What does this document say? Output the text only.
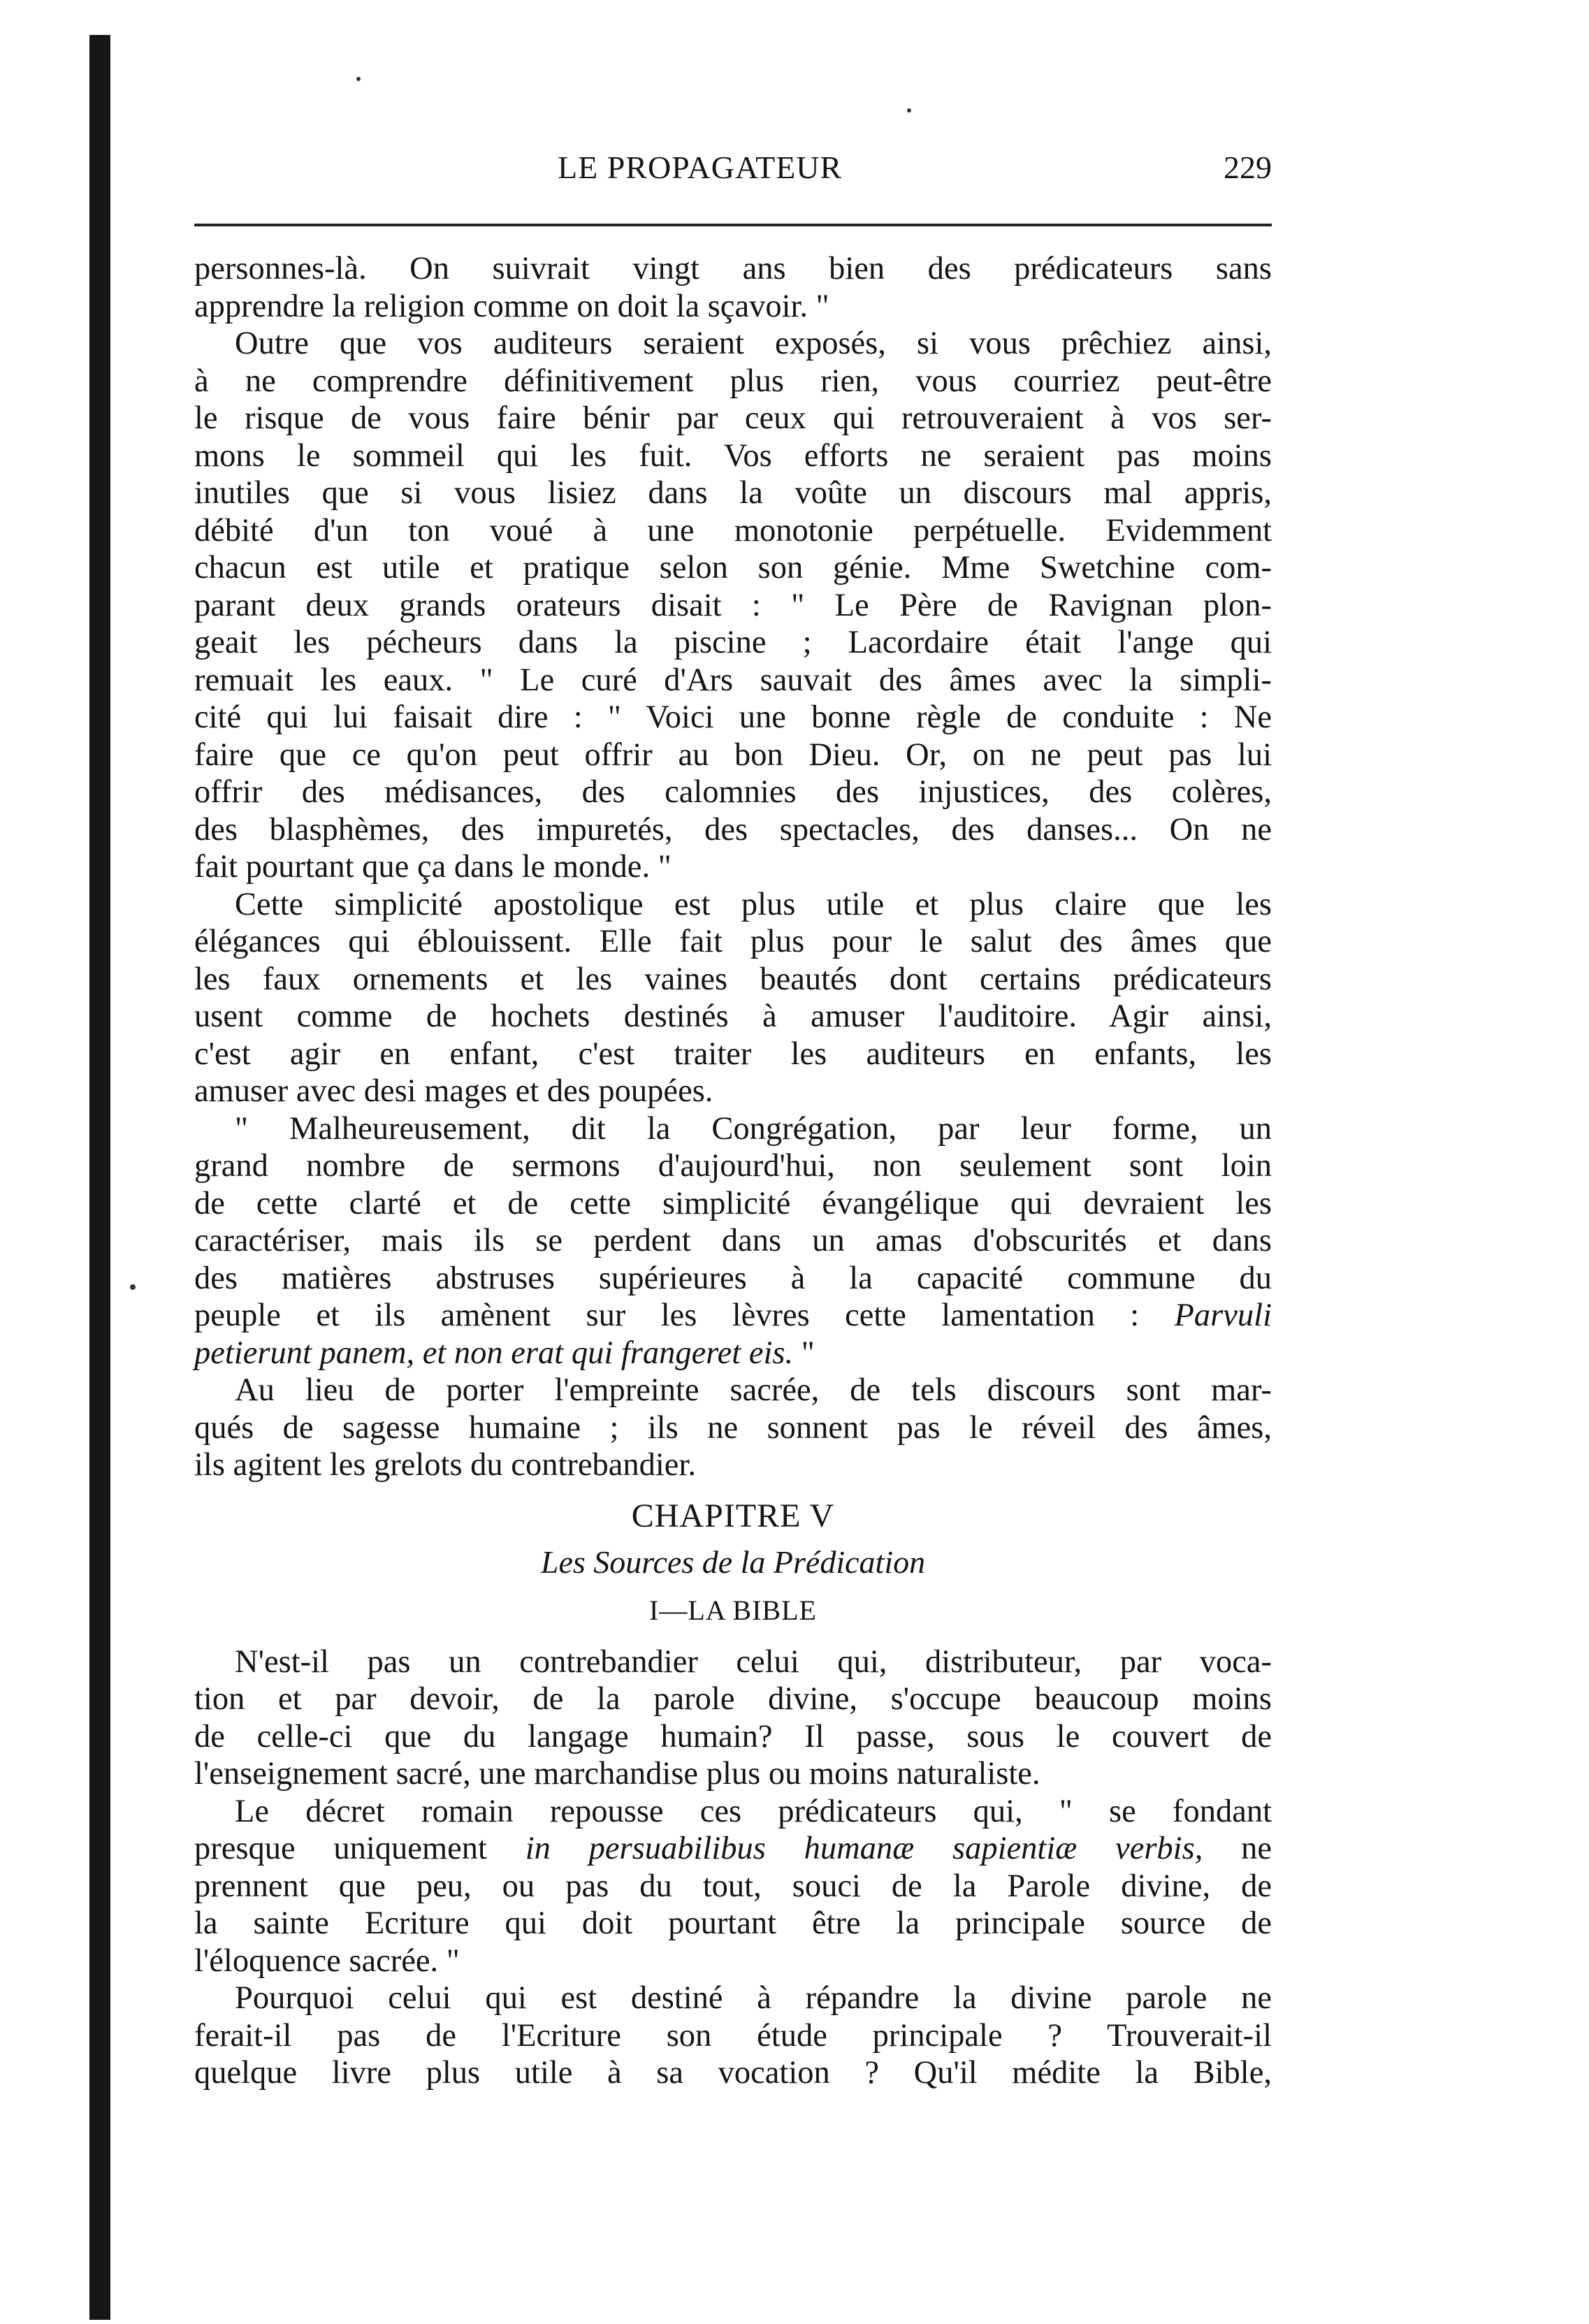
LE PROPAGATEUR	229

personnes-là. On suivrait vingt ans bien des prédicateurs sans

apprendre la religion comme on doit la sçavoir. "

Outre que vos auditeurs seraient exposés, si vous prêchiez ainsi,

à ne comprendre définitivement plus rien, vous courriez peut-être

le risque de vous faire bénir par ceux qui retrouveraient à vos ser-

mons le sommeil qui les fuit. Vos efforts ne seraient pas moins

inutiles que si vous lisiez dans la voûte un discours mal appris,

débité d'un ton voué à une monotonie perpétuelle. Evidemment

chacun est utile et pratique selon son génie. Mme Swetchine com-

parant deux grands orateurs disait : " Le Père de Ravignan plon-

geait les pécheurs dans la piscine ; Lacordaire était l'ange qui

remuait les eaux. " Le curé d'Ars sauvait des âmes avec la simpli-

cité qui lui faisait dire : " Voici une bonne règle de conduite : Ne

faire que ce qu'on peut offrir au bon Dieu. Or, on ne peut pas lui

offrir des médisances, des calomnies des injustices, des colères,

des blasphèmes, des impuretés, des spectacles, des danses... On ne

fait pourtant que ça dans le monde. "

Cette simplicité apostolique est plus utile et plus claire que les

élégances qui éblouissent. Elle fait plus pour le salut des âmes que

les faux ornements et les vaines beautés dont certains prédicateurs

usent comme de hochets destinés à amuser l'auditoire. Agir ainsi,

c'est agir en enfant, c'est traiter les auditeurs en enfants, les

amuser avec desi mages et des poupées.

" Malheureusement, dit la Congrégation, par leur forme, un

grand nombre de sermons d'aujourd'hui, non seulement sont loin

de cette clarté et de cette simplicité évangélique qui devraient les

caractériser, mais ils se perdent dans un amas d'obscurités et dans

des matières abstruses supérieures à la capacité commune du

peuple et ils amènent sur les lèvres cette lamentation : Parvuli

petierunt panem, et non erat qui frangeret eis. "

Au lieu de porter l'empreinte sacrée, de tels discours sont mar-

qués de sagesse humaine ; ils ne sonnent pas le réveil des âmes,

ils agitent les grelots du contrebandier.

CHAPITRE V
Les Sources de la Prédication
I—LA BIBLE

N'est-il pas un contrebandier celui qui, distributeur, par voca-

tion et par devoir, de la parole divine, s'occupe beaucoup moins

de celle-ci que du langage humain? Il passe, sous le couvert de

l'enseignement sacré, une marchandise plus ou moins naturaliste.

Le décret romain repousse ces prédicateurs qui, " se fondant

presque uniquement in persuabilibus humanæ sapientiæ verbis, ne

prennent que peu, ou pas du tout, souci de la Parole divine, de

la sainte Ecriture qui doit pourtant être la principale source de

l'éloquence sacrée. "

Pourquoi celui qui est destiné à répandre la divine parole ne

ferait-il pas de l'Ecriture son étude principale ? Trouverait-il

quelque livre plus utile à sa vocation ? Qu'il médite la Bible,
